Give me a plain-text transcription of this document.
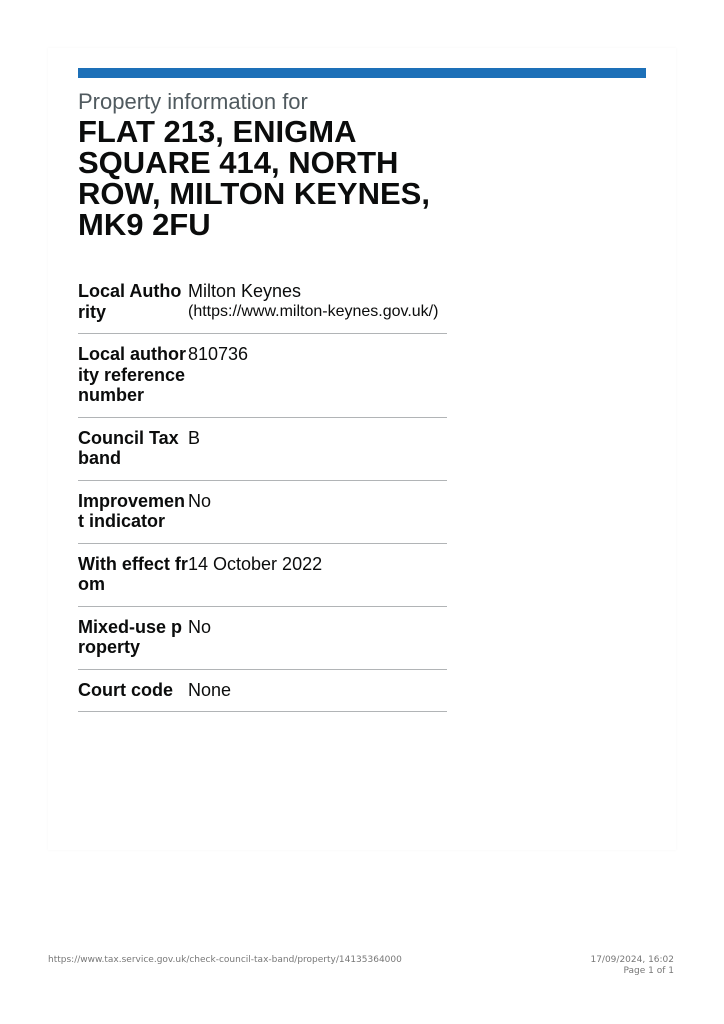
Property information for
FLAT 213, ENIGMA
SQUARE 414, NORTH
ROW, MILTON KEYNES,
MK9 2FU
Local Authority
Milton Keynes
(https://www.milton-keynes.gov.uk/)
Local authority reference number
810736
Council Tax band
B
Improvement indicator
No
With effect from
14 October 2022
Mixed-use property
No
Court code None
https://www.tax.service.gov.uk/check-council-tax-band/property/14135364000	17/09/2024, 16:02
Page 1 of 1
